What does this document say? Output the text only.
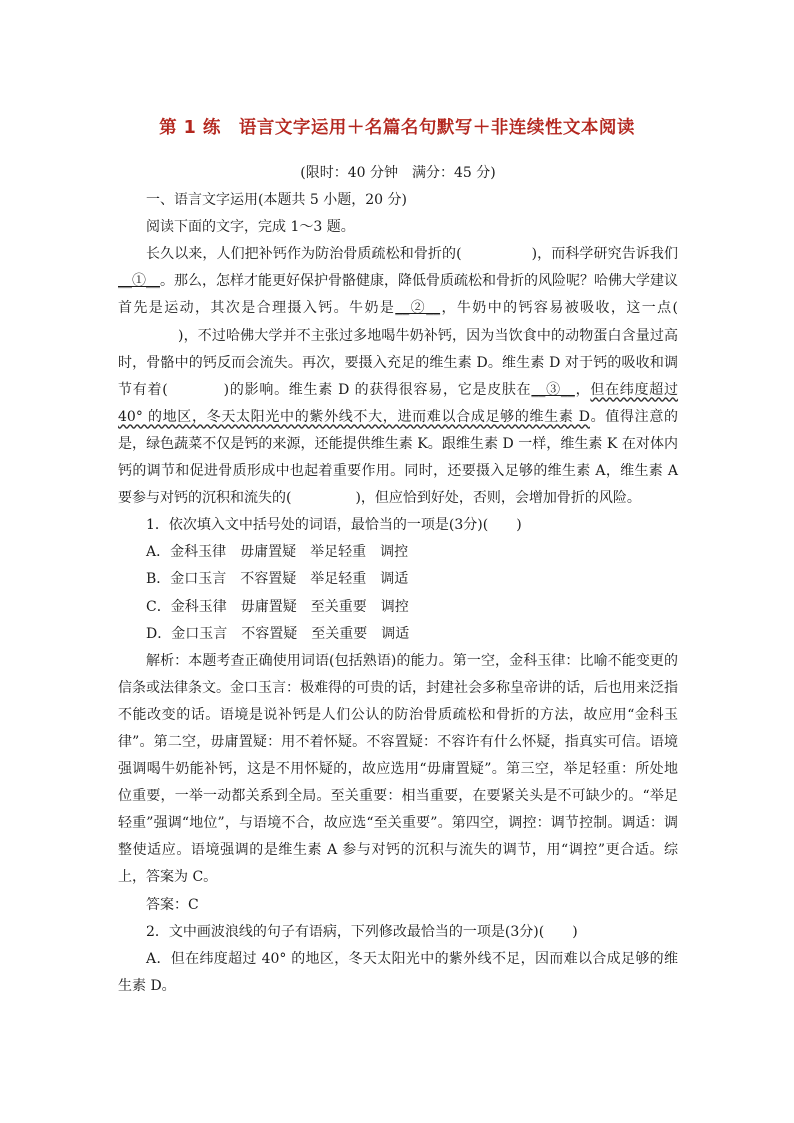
第 1 练　语言文字运用＋名篇名句默写＋非连续性文本阅读
(限时：40 分钟　满分：45 分)
一、语言文字运用(本题共 5 小题，20 分)
阅读下面的文字，完成 1～3 题。
长久以来，人们把补钙作为防治骨质疏松和骨折的(	)，而科学研究告诉我们__①__。那么，怎样才能更好保护骨骼健康，降低骨质疏松和骨折的风险呢？哈佛大学建议首先是运动，其次是合理摄入钙。牛奶是__②__，牛奶中的钙容易被吸收，这一点()，不过哈佛大学并不主张过多地喝牛奶补钙，因为当饮食中的动物蛋白含量过高时，骨骼中的钙反而会流失。再次，要摄入充足的维生素 D。维生素 D 对于钙的吸收和调节有着(	)的影响。维生素 D 的获得很容易，它是皮肤在__③__，但在纬度超过 40° 的地区，冬天太阳光中的紫外线不大，进而难以合成足够的维生素 D。值得注意的是，绿色蔬菜不仅是钙的来源，还能提供维生素 K。跟维生素 D 一样，维生素 K 在对体内钙的调节和促进骨质形成中也起着重要作用。同时，还要摄入足够的维生素 A，维生素 A 要参与对钙的沉积和流失的(	)，但应恰到好处，否则，会增加骨折的风险。
1．依次填入文中括号处的词语，最恰当的一项是(3分)(　　)
A．金科玉律 毋庸置疑 举足轻重 调控
B．金口玉言 不容置疑 举足轻重 调适
C．金科玉律 毋庸置疑 至关重要 调控
D．金口玉言 不容置疑 至关重要 调适
解析：本题考查正确使用词语(包括熟语)的能力。第一空，金科玉律：比喻不能变更的信条或法律条文。金口玉言：极难得的可贵的话，封建社会多称皇帝讲的话，后也用来泛指不能改变的话。语境是说补钙是人们公认的防治骨质疏松和骨折的方法，故应用“金科玉律”。第二空，毋庸置疑：用不着怀疑。不容置疑：不容许有什么怀疑，指真实可信。语境强调喝牛奶能补钙，这是不用怀疑的，故应选用“毋庸置疑”。第三空，举足轻重：所处地位重要，一举一动都关系到全局。至关重要：相当重要，在要紧关头是不可缺少的。“举足轻重”强调“地位”，与语境不合，故应选“至关重要”。第四空，调控：调节控制。调适：调整使适应。语境强调的是维生素 A 参与对钙的沉积与流失的调节，用“调控”更合适。综上，答案为 C。
答案：C
2．文中画波浪线的句子有语病，下列修改最恰当的一项是(3分)(　　)
A．但在纬度超过 40° 的地区，冬天太阳光中的紫外线不足，因而难以合成足够的维生素 D。
